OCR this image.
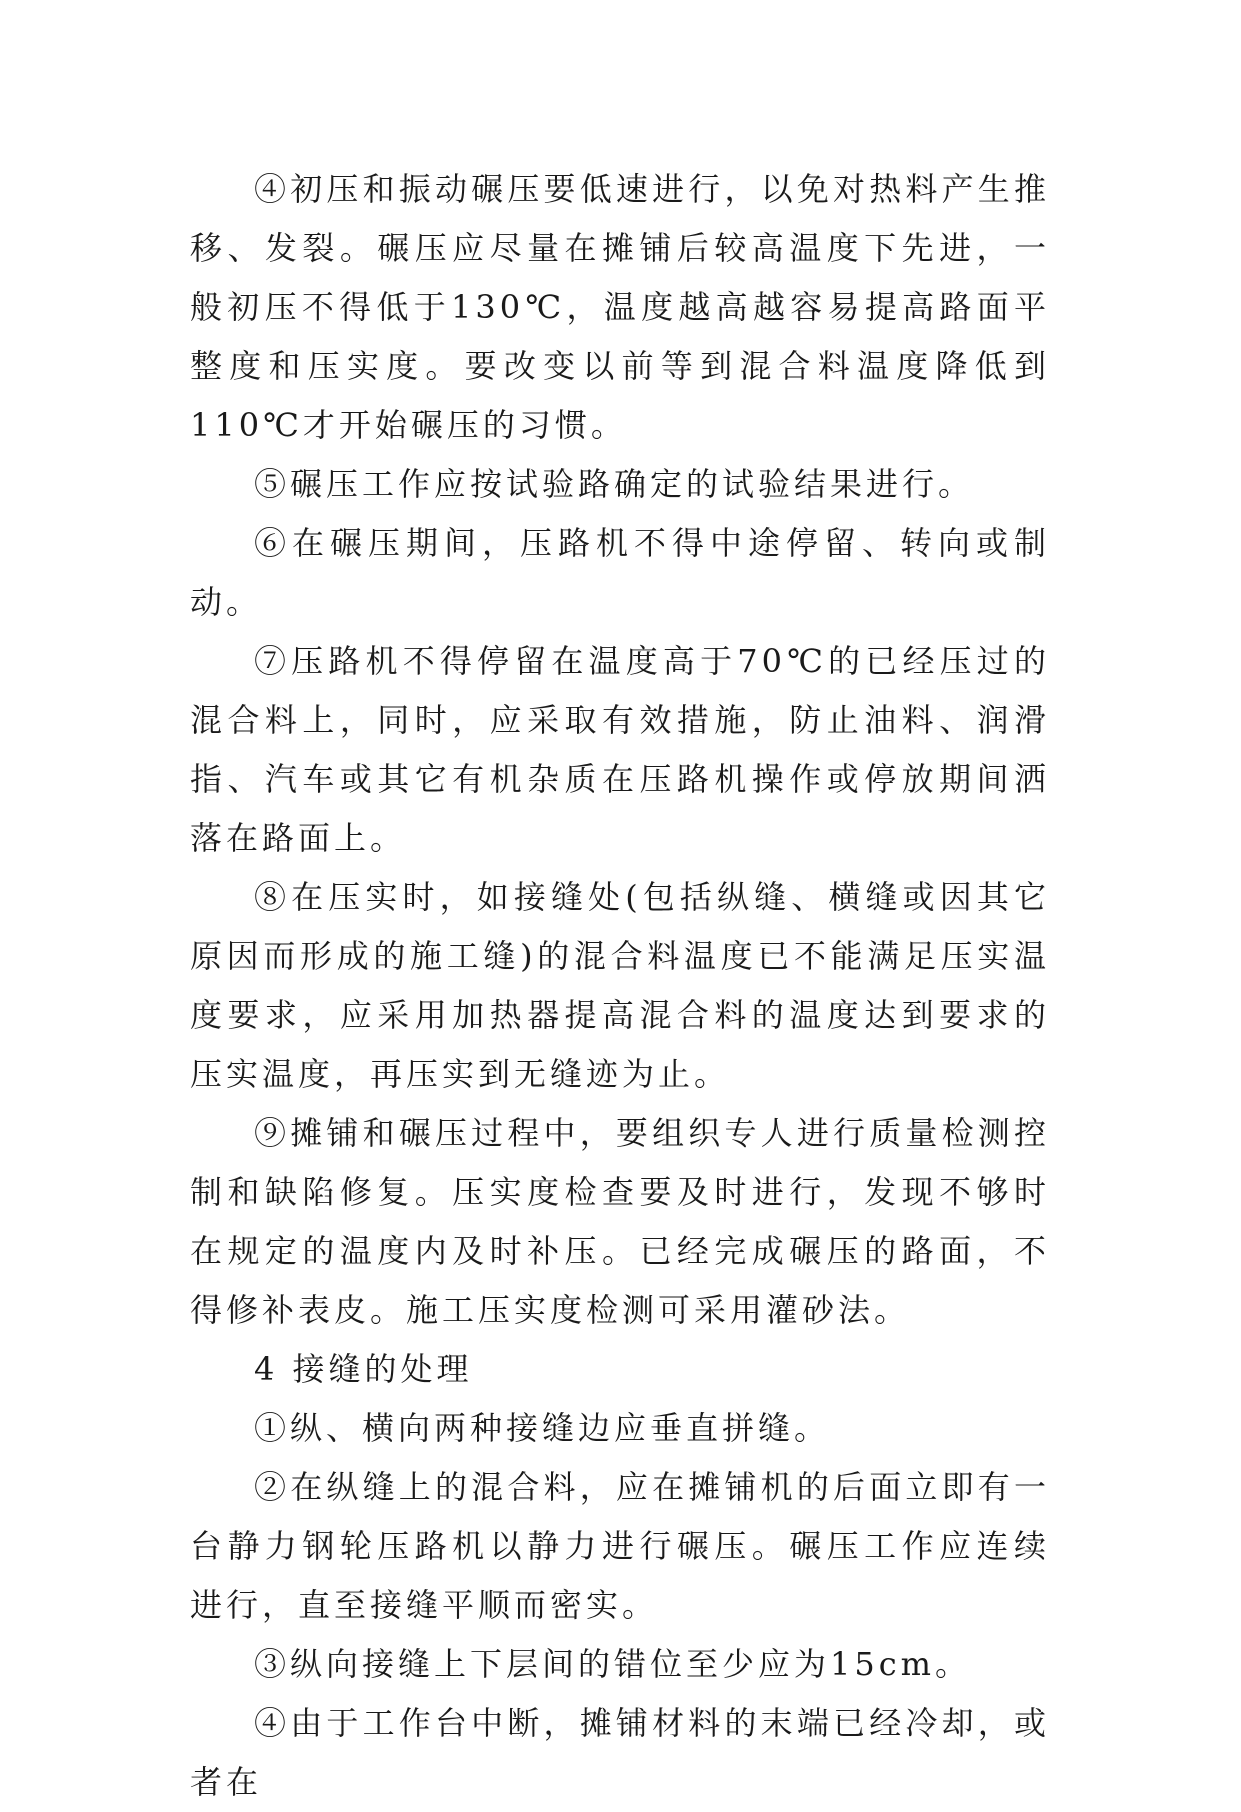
④初压和振动碾压要低速进行，以免对热料产生推移、发裂。碾压应尽量在摊铺后较高温度下先进，一般初压不得低于130℃，温度越高越容易提高路面平整度和压实度。要改变以前等到混合料温度降低到110℃才开始碾压的习惯。

⑤碾压工作应按试验路确定的试验结果进行。

⑥在碾压期间，压路机不得中途停留、转向或制动。

⑦压路机不得停留在温度高于70℃的已经压过的混合料上，同时，应采取有效措施，防止油料、润滑指、汽车或其它有机杂质在压路机操作或停放期间洒落在路面上。

⑧在压实时，如接缝处(包括纵缝、横缝或因其它原因而形成的施工缝)的混合料温度已不能满足压实温度要求，应采用加热器提高混合料的温度达到要求的压实温度，再压实到无缝迹为止。

⑨摊铺和碾压过程中，要组织专人进行质量检测控制和缺陷修复。压实度检查要及时进行，发现不够时在规定的温度内及时补压。已经完成碾压的路面，不得修补表皮。施工压实度检测可采用灌砂法。

4 接缝的处理

①纵、横向两种接缝边应垂直拼缝。

②在纵缝上的混合料，应在摊铺机的后面立即有一台静力钢轮压路机以静力进行碾压。碾压工作应连续进行，直至接缝平顺而密实。

③纵向接缝上下层间的错位至少应为15cm。

④由于工作台中断，摊铺材料的末端已经冷却，或者在
